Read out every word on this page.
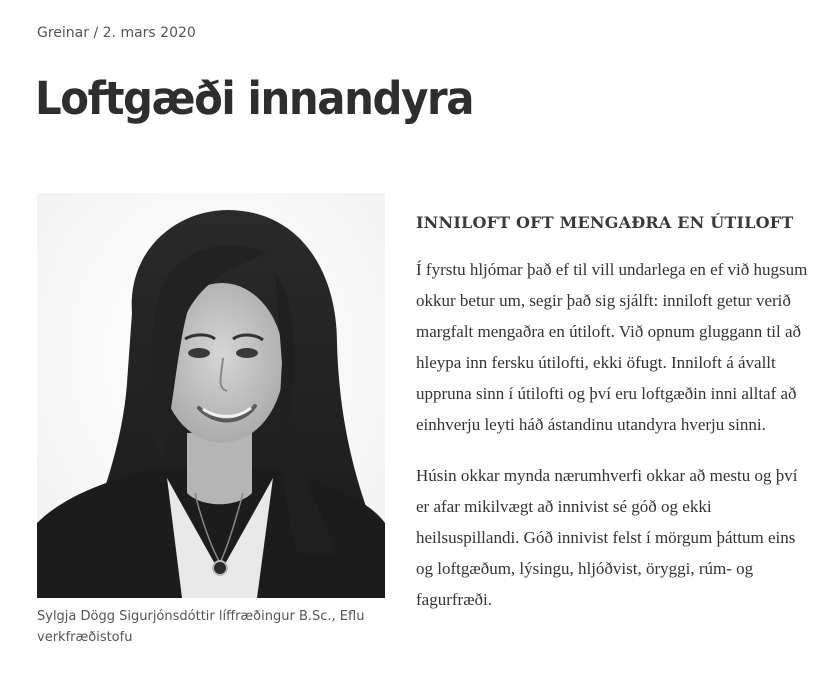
Greinar / 2. mars 2020
Loftgæði innandyra
Sylgja Dögg Sigurjónsdóttir líffræðingur B.Sc., Eflu verkfræðistofu
INNILOFT OFT MENGAÐRA EN ÚTILOFT

Í fyrstu hljómar það ef til vill undarlega en ef við hugsum okkur betur um, segir það sig sjálft: inniloft getur verið margfalt mengaðra en útiloft. Við opnum gluggann til að hleypa inn fersku útilofti, ekki öfugt. Inniloft á ávallt uppruna sinn í útilofti og því eru loftgæðin inni alltaf að einhverju leyti háð ástandinu utandyra hverju sinni.

Húsin okkar mynda nærumhverfi okkar að mestu og því er afar mikilvægt að innivist sé góð og ekki heilsuspillandi. Góð innivist felst í mörgum þáttum eins og loftgæðum, lýsingu, hljóðvist, öryggi, rúm- og fagurfræði.
